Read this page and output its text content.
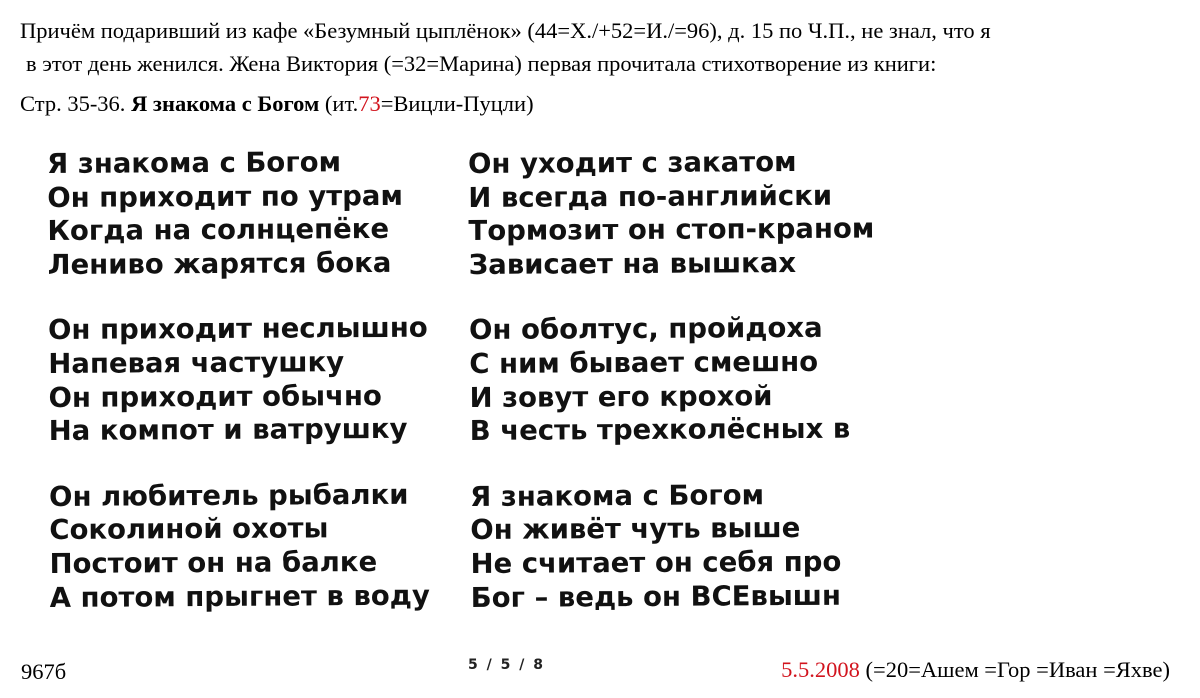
Причём подаривший из кафе «Безумный цыплёнок» (44=Х./+52=И./=96), д. 15 по Ч.П., не знал, что я
в этот день женился. Жена Виктория (=32=Марина) первая прочитала стихотворение из книги:
Стр. 35-36. Я знакома с Богом (ит.73=Вицли-Пуцли)
Я знакома с Богом
Он приходит по утрам
Когда на солнцепёке
Лениво жарятся бока
Он приходит неслышно
Напевая частушку
Он приходит обычно
На компот и ватрушку
Он любитель рыбалки
Соколиной охоты
Постоит он на балке
А потом прыгнет в воду
Он уходит с закатом
И всегда по-английски
Тормозит он стоп-краном
Зависает на вышках
Он оболтус, пройдоха
С ним бывает смешно
И зовут его крохой
В честь трехколёсных в
Я знакома с Богом
Он живёт чуть выше
Не считает он себя про
Бог – ведь он ВСЕвышн
967б	5 / 5 / 8	5.5.2008 (=20=Ашем =Гор =Иван =Яхве)
